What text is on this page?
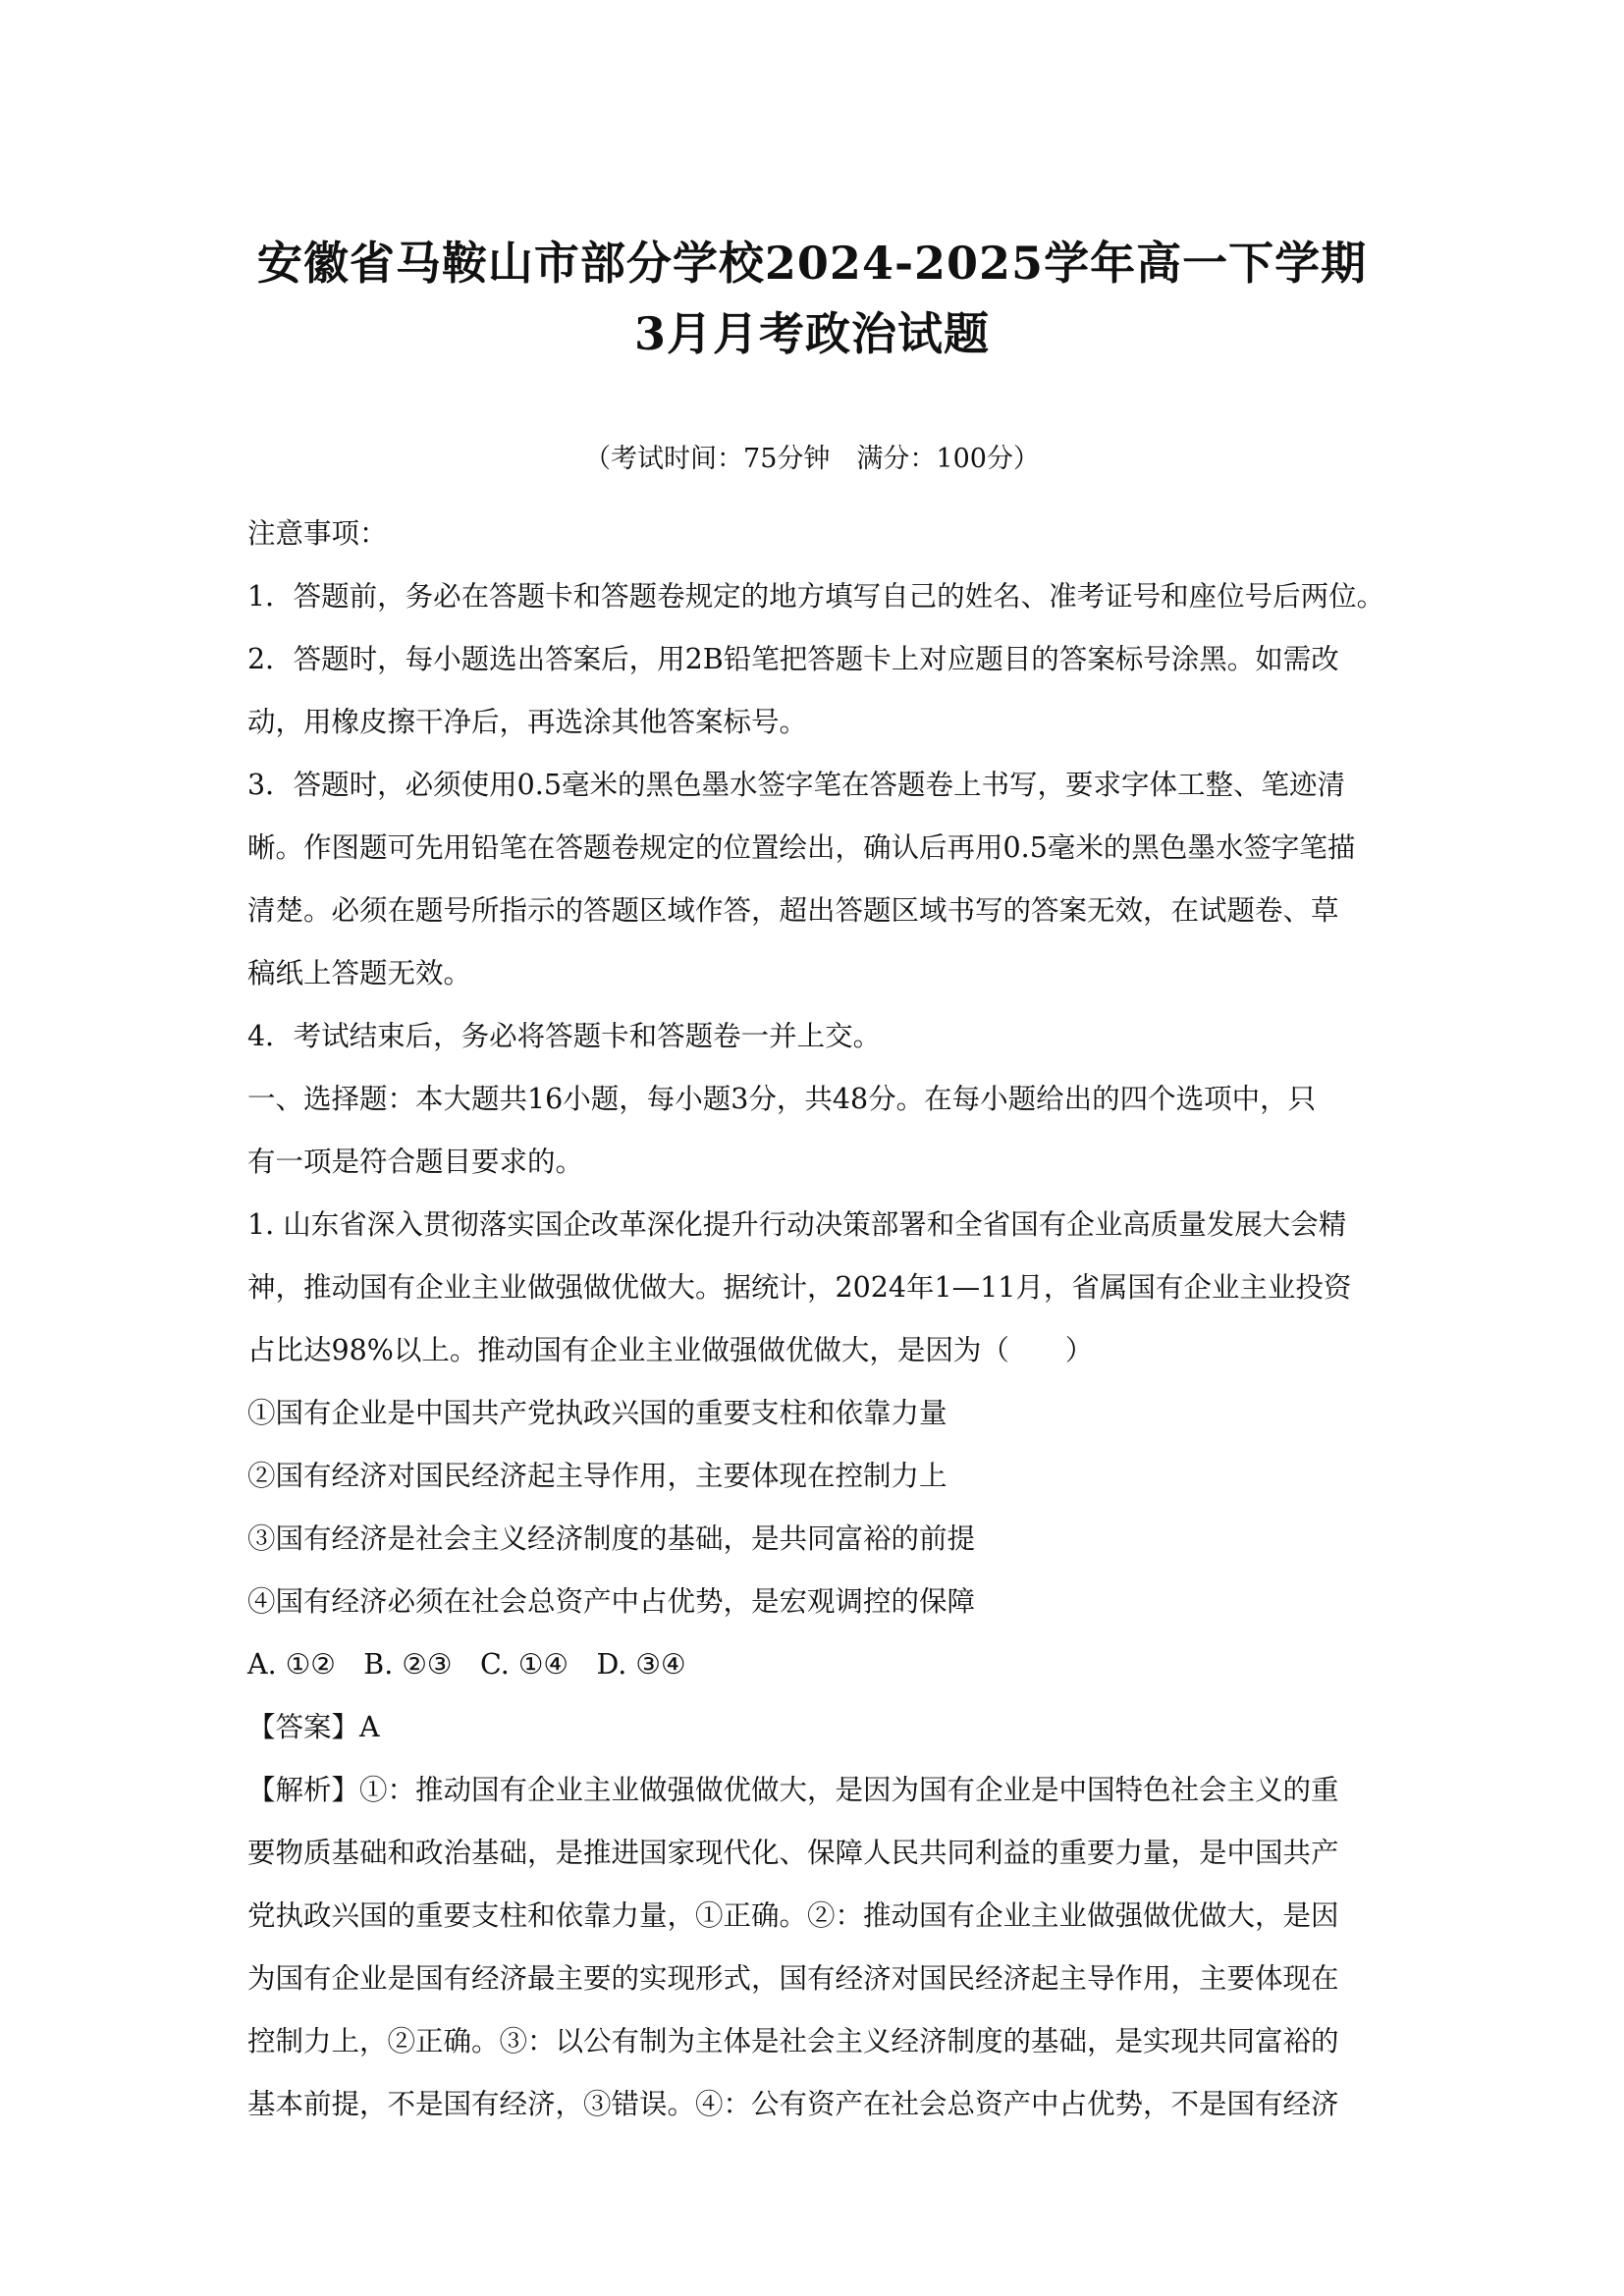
安徽省马鞍山市部分学校2024-2025学年高一下学期
3月月考政治试题
（考试时间：75分钟　满分：100分）
注意事项：
1．答题前，务必在答题卡和答题卷规定的地方填写自己的姓名、准考证号和座位号后两位。
2．答题时，每小题选出答案后，用2B铅笔把答题卡上对应题目的答案标号涂黑。如需改
动，用橡皮擦干净后，再选涂其他答案标号。
3．答题时，必须使用0.5毫米的黑色墨水签字笔在答题卷上书写，要求字体工整、笔迹清
晰。作图题可先用铅笔在答题卷规定的位置绘出，确认后再用0.5毫米的黑色墨水签字笔描
清楚。必须在题号所指示的答题区域作答，超出答题区域书写的答案无效，在试题卷、草
稿纸上答题无效。
4．考试结束后，务必将答题卡和答题卷一并上交。
一、选择题：本大题共16小题，每小题3分，共48分。在每小题给出的四个选项中，只
有一项是符合题目要求的。
1. 山东省深入贯彻落实国企改革深化提升行动决策部署和全省国有企业高质量发展大会精
神，推动国有企业主业做强做优做大。据统计，2024年1—11月，省属国有企业主业投资
占比达98%以上。推动国有企业主业做强做优做大，是因为（　　）
①国有企业是中国共产党执政兴国的重要支柱和依靠力量
②国有经济对国民经济起主导作用，主要体现在控制力上
③国有经济是社会主义经济制度的基础，是共同富裕的前提
④国有经济必须在社会总资产中占优势，是宏观调控的保障
A. ①②　B. ②③　C. ①④　D. ③④
【答案】A
【解析】①：推动国有企业主业做强做优做大，是因为国有企业是中国特色社会主义的重
要物质基础和政治基础，是推进国家现代化、保障人民共同利益的重要力量，是中国共产
党执政兴国的重要支柱和依靠力量，①正确。②：推动国有企业主业做强做优做大，是因
为国有企业是国有经济最主要的实现形式，国有经济对国民经济起主导作用，主要体现在
控制力上，②正确。③：以公有制为主体是社会主义经济制度的基础，是实现共同富裕的
基本前提，不是国有经济，③错误。④：公有资产在社会总资产中占优势，不是国有经济
